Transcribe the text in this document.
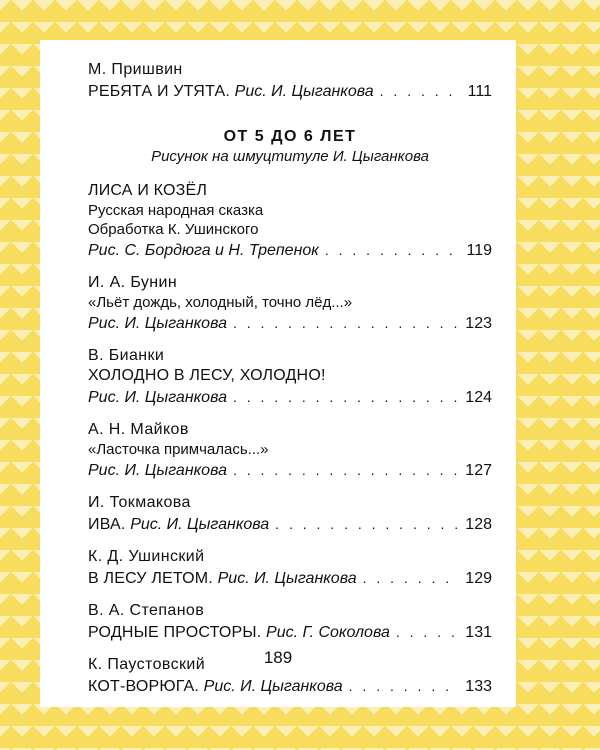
М. Пришвин
РЕБЯТА И УТЯТА. Рис. И. Цыганкова . . .	111
ОТ 5 ДО 6 ЛЕТ
Рисунок на шмуцтитуле И. Цыганкова
ЛИСА И КОЗЁЛ
Русская народная сказка
Обработка К. Ушинского
Рис. С. Бордюга и Н. Трепенок . . .	119
И. А. Бунин
«Льёт дождь, холодный, точно лёд...»
Рис. И. Цыганкова . . .	123
В. Бианки
ХОЛОДНО В ЛЕСУ, ХОЛОДНО!
Рис. И. Цыганкова . . .	124
А. Н. Майков
«Ласточка примчалась...»
Рис. И. Цыганкова . . .	127
И. Токмакова
ИВА. Рис. И. Цыганкова . . .	128
К. Д. Ушинский
В ЛЕСУ ЛЕТОМ. Рис. И. Цыганкова . . .	129
В. А. Степанов
РОДНЫЕ ПРОСТОРЫ. Рис. Г. Соколова . . .	131
К. Паустовский
КОТ-ВОРЮГА. Рис. И. Цыганкова . . .	133
189
